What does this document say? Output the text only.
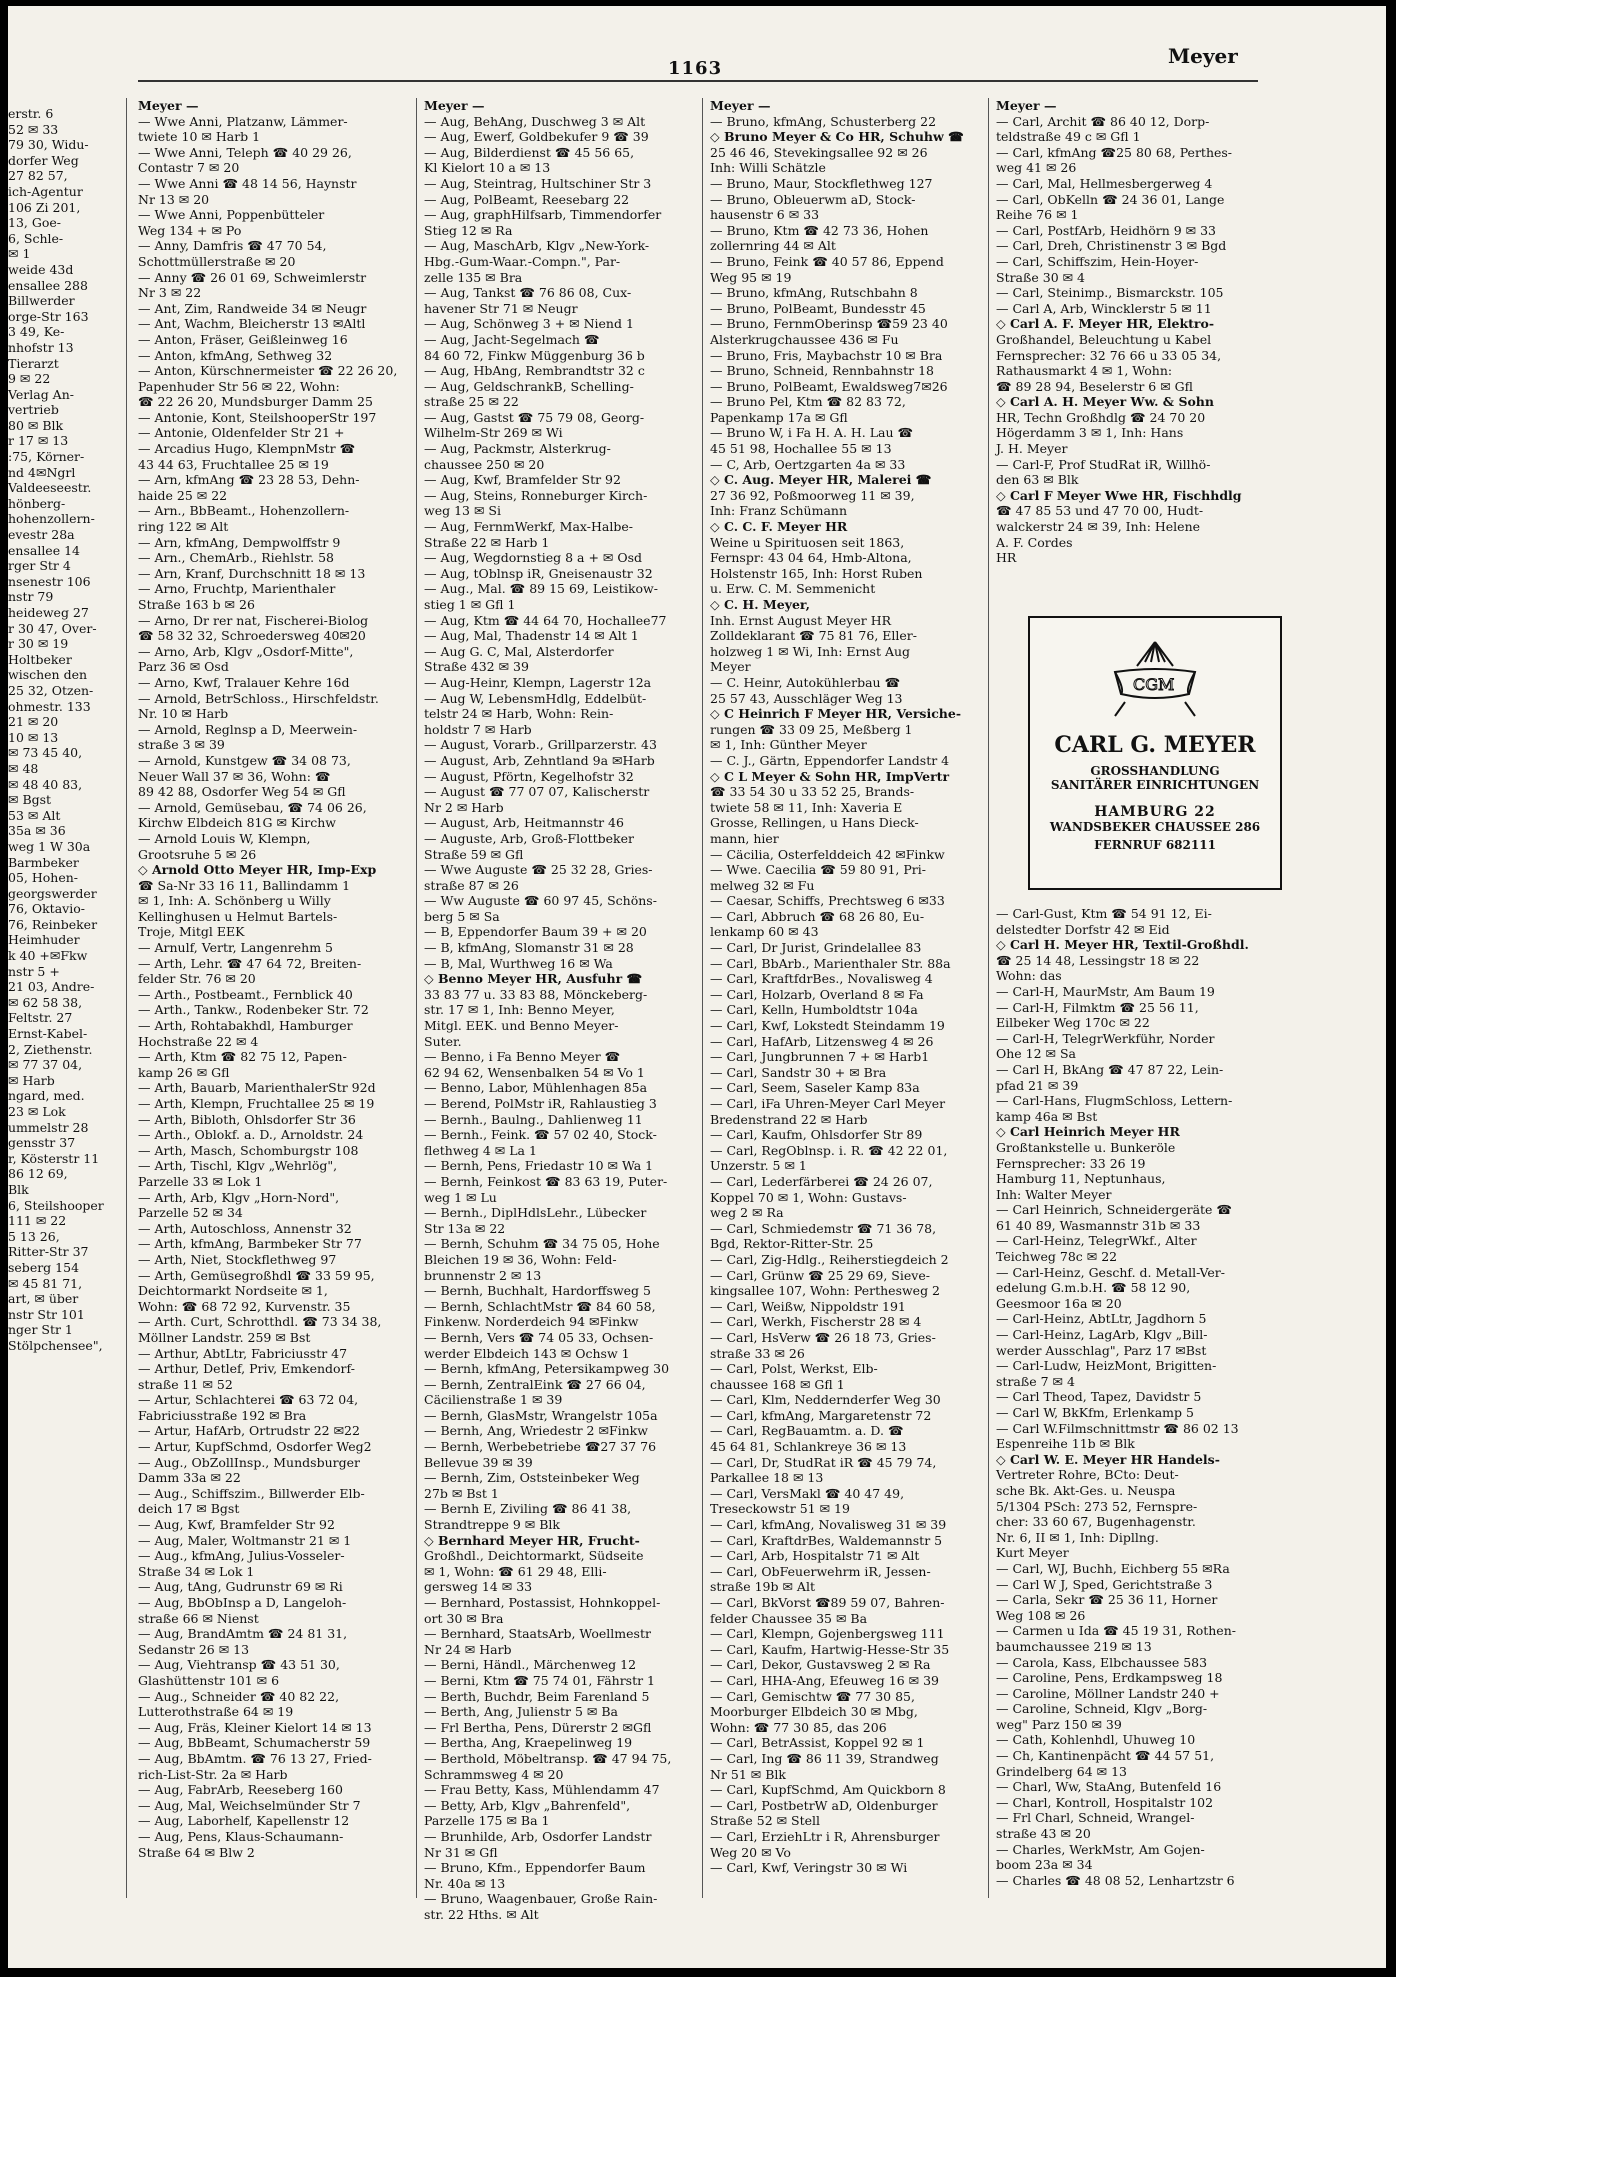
erstr. 6
52 ✉ 33
79 30, Widu-
dorfer Weg
27 82 57,
ich-Agentur
106 Zi 201,
13, Goe-
6, Schle-
✉ 1
weide 43d
ensallee 288
Billwerder
orge-Str 163
3 49, Ke-
nhofstr 13
Tierarzt
9 ✉ 22
Verlag An-
vertrieb
80 ✉ Blk
r 17 ✉ 13
:75, Körner-
nd 4✉Ngrl
Valdeeseestr.
hönberg-
hohenzollern-
evestr 28a
ensallee 14
rger Str 4
nsenestr 106
nstr 79
heideweg 27
r 30 47, Over-
r 30 ✉ 19
Holtbeker
wischen den
25 32, Otzen-
ohmestr. 133
21 ✉ 20
10 ✉ 13
✉ 73 45 40,
✉ 48
✉ 48 40 83,
✉ Bgst
53 ✉ Alt
35a ✉ 36
weg 1 W 30a
Barmbeker
05, Hohen-
georgswerder
76, Oktavio-
76, Reinbeker
Heimhuder
k 40 +✉Fkw
nstr 5 +
21 03, Andre-
✉ 62 58 38,
Feltstr. 27
Ernst-Kabel-
2, Ziethenstr.
✉ 77 37 04,
✉ Harb
ngard, med.
23 ✉ Lok
ummelstr 28
gensstr 37
r, Kösterstr 11
86 12 69,
Blk
6, Steilshooper
111 ✉ 22
5 13 26,
Ritter-Str 37
seberg 154
✉ 45 81 71,
art, ✉ über
nstr Str 101
nger Str 1
Stölpchensee",
1163
Meyer
Meyer —
— Wwe Anni, Platzanw, Lämmer-
twiete 10 ✉ Harb 1
— Wwe Anni, Teleph ☎ 40 29 26,
Contastr 7 ✉ 20
— Wwe Anni ☎ 48 14 56, Haynstr
Nr 13 ✉ 20
— Wwe Anni, Poppenbütteler
Weg 134 + ✉ Po
— Anny, Damfris ☎ 47 70 54,
Schottmüllerstraße ✉ 20
— Anny ☎ 26 01 69, Schweimlerstr
Nr 3 ✉ 22
— Ant, Zim, Randweide 34 ✉ Neugr
— Ant, Wachm, Bleicherstr 13 ✉Altl
— Anton, Fräser, Geißleinweg 16
— Anton, kfmAng, Sethweg 32
— Anton, Kürschnermeister ☎ 22 26 20,
Papenhuder Str 56 ✉ 22, Wohn:
☎ 22 26 20, Mundsburger Damm 25
— Antonie, Kont, SteilshooperStr 197
— Antonie, Oldenfelder Str 21 +
— Arcadius Hugo, KlempnMstr ☎
43 44 63, Fruchtallee 25 ✉ 19
— Arn, kfmAng ☎ 23 28 53, Dehn-
haide 25 ✉ 22
— Arn., BbBeamt., Hohenzollern-
ring 122 ✉ Alt
— Arn, kfmAng, Dempwolffstr 9
— Arn., ChemArb., Riehlstr. 58
— Arn, Kranf, Durchschnitt 18 ✉ 13
— Arno, Fruchtp, Marienthaler
Straße 163 b ✉ 26
— Arno, Dr rer nat, Fischerei-Biolog
☎ 58 32 32, Schroedersweg 40✉20
— Arno, Arb, Klgv „Osdorf-Mitte",
Parz 36 ✉ Osd
— Arno, Kwf, Tralauer Kehre 16d
— Arnold, BetrSchloss., Hirschfeldstr.
Nr. 10 ✉ Harb
— Arnold, Reglnsp a D, Meerwein-
straße 3 ✉ 39
— Arnold, Kunstgew ☎ 34 08 73,
Neuer Wall 37 ✉ 36, Wohn: ☎
89 42 88, Osdorfer Weg 54 ✉ Gfl
— Arnold, Gemüsebau, ☎ 74 06 26,
Kirchw Elbdeich 81G ✉ Kirchw
— Arnold Louis W, Klempn,
Grootsruhe 5 ✉ 26
◇ Arnold Otto Meyer HR, Imp-Exp
☎ Sa-Nr 33 16 11, Ballindamm 1
✉ 1, Inh: A. Schönberg u Willy
Kellinghusen u Helmut Bartels-
Troje, Mitgl EEK
— Arnulf, Vertr, Langenrehm 5
— Arth, Lehr. ☎ 47 64 72, Breiten-
felder Str. 76 ✉ 20
— Arth., Postbeamt., Fernblick 40
— Arth., Tankw., Rodenbeker Str. 72
— Arth, Rohtabakhdl, Hamburger
Hochstraße 22 ✉ 4
— Arth, Ktm ☎ 82 75 12, Papen-
kamp 26 ✉ Gfl
— Arth, Bauarb, MarienthalerStr 92d
— Arth, Klempn, Fruchtallee 25 ✉ 19
— Arth, Bibloth, Ohlsdorfer Str 36
— Arth., Oblokf. a. D., Arnoldstr. 24
— Arth, Masch, Schomburgstr 108
— Arth, Tischl, Klgv „Wehrlög",
Parzelle 33 ✉ Lok 1
— Arth, Arb, Klgv „Horn-Nord",
Parzelle 52 ✉ 34
— Arth, Autoschloss, Annenstr 32
— Arth, kfmAng, Barmbeker Str 77
— Arth, Niet, Stockflethweg 97
— Arth, Gemüsegroßhdl ☎ 33 59 95,
Deichtormarkt Nordseite ✉ 1,
Wohn: ☎ 68 72 92, Kurvenstr. 35
— Arth. Curt, Schrotthdl. ☎ 73 34 38,
Möllner Landstr. 259 ✉ Bst
— Arthur, AbtLtr, Fabriciusstr 47
— Arthur, Detlef, Priv, Emkendorf-
straße 11 ✉ 52
— Artur, Schlachterei ☎ 63 72 04,
Fabriciusstraße 192 ✉ Bra
— Artur, HafArb, Ortrudstr 22 ✉22
— Artur, KupfSchmd, Osdorfer Weg2
— Aug., ObZollInsp., Mundsburger
Damm 33a ✉ 22
— Aug., Schiffszim., Billwerder Elb-
deich 17 ✉ Bgst
— Aug, Kwf, Bramfelder Str 92
— Aug, Maler, Woltmanstr 21 ✉ 1
— Aug., kfmAng, Julius-Vosseler-
Straße 34 ✉ Lok 1
— Aug, tAng, Gudrunstr 69 ✉ Ri
— Aug, BbObInsp a D, Langeloh-
straße 66 ✉ Nienst
— Aug, BrandAmtm ☎ 24 81 31,
Sedanstr 26 ✉ 13
— Aug, Viehtransp ☎ 43 51 30,
Glashüttenstr 101 ✉ 6
— Aug., Schneider ☎ 40 82 22,
Lutterothstraße 64 ✉ 19
— Aug, Fräs, Kleiner Kielort 14 ✉ 13
— Aug, BbBeamt, Schumacherstr 59
— Aug, BbAmtm. ☎ 76 13 27, Fried-
rich-List-Str. 2a ✉ Harb
— Aug, FabrArb, Reeseberg 160
— Aug, Mal, Weichselmünder Str 7
— Aug, Laborhelf, Kapellenstr 12
— Aug, Pens, Klaus-Schaumann-
Straße 64 ✉ Blw 2
Meyer —
— Aug, BehAng, Duschweg 3 ✉ Alt
— Aug, Ewerf, Goldbekufer 9 ☎ 39
— Aug, Bilderdienst ☎ 45 56 65,
Kl Kielort 10 a ✉ 13
— Aug, Steintrag, Hultschiner Str 3
— Aug, PolBeamt, Reesebarg 22
— Aug, graphHilfsarb, Timmendorfer
Stieg 12 ✉ Ra
— Aug, MaschArb, Klgv „New-York-
Hbg.-Gum-Waar.-Compn.", Par-
zelle 135 ✉ Bra
— Aug, Tankst ☎ 76 86 08, Cux-
havener Str 71 ✉ Neugr
— Aug, Schönweg 3 + ✉ Niend 1
— Aug, Jacht-Segelmach ☎
84 60 72, Finkw Müggenburg 36 b
— Aug, HbAng, Rembrandtstr 32 c
— Aug, GeldschrankB, Schelling-
straße 25 ✉ 22
— Aug, Gastst ☎ 75 79 08, Georg-
Wilhelm-Str 269 ✉ Wi
— Aug, Packmstr, Alsterkrug-
chaussee 250 ✉ 20
— Aug, Kwf, Bramfelder Str 92
— Aug, Steins, Ronneburger Kirch-
weg 13 ✉ Si
— Aug, FernmWerkf, Max-Halbe-
Straße 22 ✉ Harb 1
— Aug, Wegdornstieg 8 a + ✉ Osd
— Aug, tOblnsp iR, Gneisenaustr 32
— Aug., Mal. ☎ 89 15 69, Leistikow-
stieg 1 ✉ Gfl 1
— Aug, Ktm ☎ 44 64 70, Hochallee77
— Aug, Mal, Thadenstr 14 ✉ Alt 1
— Aug G. C, Mal, Alsterdorfer
Straße 432 ✉ 39
— Aug-Heinr, Klempn, Lagerstr 12a
— Aug W, LebensmHdlg, Eddelbüt-
telstr 24 ✉ Harb, Wohn: Rein-
holdstr 7 ✉ Harb
— August, Vorarb., Grillparzerstr. 43
— August, Arb, Zehntland 9a ✉Harb
— August, Pförtn, Kegelhofstr 32
— August ☎ 77 07 07, Kalischerstr
Nr 2 ✉ Harb
— August, Arb, Heitmannstr 46
— Auguste, Arb, Groß-Flottbeker
Straße 59 ✉ Gfl
— Wwe Auguste ☎ 25 32 28, Gries-
straße 87 ✉ 26
— Ww Auguste ☎ 60 97 45, Schöns-
berg 5 ✉ Sa
— B, Eppendorfer Baum 39 + ✉ 20
— B, kfmAng, Slomanstr 31 ✉ 28
— B, Mal, Wurthweg 16 ✉ Wa
◇ Benno Meyer HR, Ausfuhr ☎
33 83 77 u. 33 83 88, Mönckeberg-
str. 17 ✉ 1, Inh: Benno Meyer,
Mitgl. EEK. und Benno Meyer-
Suter.
— Benno, i Fa Benno Meyer ☎
62 94 62, Wensenbalken 54 ✉ Vo 1
— Benno, Labor, Mühlenhagen 85a
— Berend, PolMstr iR, Rahlaustieg 3
— Bernh., Baulng., Dahlienweg 11
— Bernh., Feink. ☎ 57 02 40, Stock-
flethweg 4 ✉ La 1
— Bernh, Pens, Friedastr 10 ✉ Wa 1
— Bernh, Feinkost ☎ 83 63 19, Puter-
weg 1 ✉ Lu
— Bernh., DiplHdlsLehr., Lübecker
Str 13a ✉ 22
— Bernh, Schuhm ☎ 34 75 05, Hohe
Bleichen 19 ✉ 36, Wohn: Feld-
brunnenstr 2 ✉ 13
— Bernh, Buchhalt, Hardorffsweg 5
— Bernh, SchlachtMstr ☎ 84 60 58,
Finkenw. Norderdeich 94 ✉Finkw
— Bernh, Vers ☎ 74 05 33, Ochsen-
werder Elbdeich 143 ✉ Ochsw 1
— Bernh, kfmAng, Petersikampweg 30
— Bernh, ZentralEink ☎ 27 66 04,
Cäcilienstraße 1 ✉ 39
— Bernh, GlasMstr, Wrangelstr 105a
— Bernh, Ang, Wriedestr 2 ✉Finkw
— Bernh, Werbebetriebe ☎27 37 76
Bellevue 39 ✉ 39
— Bernh, Zim, Oststeinbeker Weg
27b ✉ Bst 1
— Bernh E, Ziviling ☎ 86 41 38,
Strandtreppe 9 ✉ Blk
◇ Bernhard Meyer HR, Frucht-
Großhdl., Deichtormarkt, Südseite
✉ 1, Wohn: ☎ 61 29 48, Elli-
gersweg 14 ✉ 33
— Bernhard, Postassist, Hohnkoppel-
ort 30 ✉ Bra
— Bernhard, StaatsArb, Woellmestr
Nr 24 ✉ Harb
— Berni, Händl., Märchenweg 12
— Berni, Ktm ☎ 75 74 01, Fährstr 1
— Berth, Buchdr, Beim Farenland 5
— Berth, Ang, Julienstr 5 ✉ Ba
— Frl Bertha, Pens, Dürerstr 2 ✉Gfl
— Bertha, Ang, Kraepelinweg 19
— Berthold, Möbeltransp. ☎ 47 94 75,
Schrammsweg 4 ✉ 20
— Frau Betty, Kass, Mühlendamm 47
— Betty, Arb, Klgv „Bahrenfeld",
Parzelle 175 ✉ Ba 1
— Brunhilde, Arb, Osdorfer Landstr
Nr 31 ✉ Gfl
— Bruno, Kfm., Eppendorfer Baum
Nr. 40a ✉ 13
— Bruno, Waagenbauer, Große Rain-
str. 22 Hths. ✉ Alt
Meyer —
— Bruno, kfmAng, Schusterberg 22
◇ Bruno Meyer & Co HR, Schuhw ☎
25 46 46, Stevekingsallee 92 ✉ 26
Inh: Willi Schätzle
— Bruno, Maur, Stockflethweg 127
— Bruno, Obleuerwm aD, Stock-
hausenstr 6 ✉ 33
— Bruno, Ktm ☎ 42 73 36, Hohen
zollernring 44 ✉ Alt
— Bruno, Feink ☎ 40 57 86, Eppend
Weg 95 ✉ 19
— Bruno, kfmAng, Rutschbahn 8
— Bruno, PolBeamt, Bundesstr 45
— Bruno, FernmOberinsp ☎59 23 40
Alsterkrugchaussee 436 ✉ Fu
— Bruno, Fris, Maybachstr 10 ✉ Bra
— Bruno, Schneid, Rennbahnstr 18
— Bruno, PolBeamt, Ewaldsweg7✉26
— Bruno Pel, Ktm ☎ 82 83 72,
Papenkamp 17a ✉ Gfl
— Bruno W, i Fa H. A. H. Lau ☎
45 51 98, Hochallee 55 ✉ 13
— C, Arb, Oertzgarten 4a ✉ 33
◇ C. Aug. Meyer HR, Malerei ☎
27 36 92, Poßmoorweg 11 ✉ 39,
Inh: Franz Schümann
◇ C. C. F. Meyer HR
Weine u Spirituosen seit 1863,
Fernspr: 43 04 64, Hmb-Altona,
Holstenstr 165, Inh: Horst Ruben
u. Erw. C. M. Semmenicht
◇ C. H. Meyer,
Inh. Ernst August Meyer HR
Zolldeklarant ☎ 75 81 76, Eller-
holzweg 1 ✉ Wi, Inh: Ernst Aug
Meyer
— C. Heinr, Autokühlerbau ☎
25 57 43, Ausschläger Weg 13
◇ C Heinrich F Meyer HR, Versiche-
rungen ☎ 33 09 25, Meßberg 1
✉ 1, Inh: Günther Meyer
— C. J., Gärtn, Eppendorfer Landstr 4
◇ C L Meyer & Sohn HR, ImpVertr
☎ 33 54 30 u 33 52 25, Brands-
twiete 58 ✉ 11, Inh: Xaveria E
Grosse, Rellingen, u Hans Dieck-
mann, hier
— Cäcilia, Osterfelddeich 42 ✉Finkw
— Wwe. Caecilia ☎ 59 80 91, Pri-
melweg 32 ✉ Fu
— Caesar, Schiffs, Prechtsweg 6 ✉33
— Carl, Abbruch ☎ 68 26 80, Eu-
lenkamp 60 ✉ 43
— Carl, Dr Jurist, Grindelallee 83
— Carl, BbArb., Marienthaler Str. 88a
— Carl, KraftfdrBes., Novalisweg 4
— Carl, Holzarb, Overland 8 ✉ Fa
— Carl, Kelln, Humboldtstr 104a
— Carl, Kwf, Lokstedt Steindamm 19
— Carl, HafArb, Litzensweg 4 ✉ 26
— Carl, Jungbrunnen 7 + ✉ Harb1
— Carl, Sandstr 30 + ✉ Bra
— Carl, Seem, Saseler Kamp 83a
— Carl, iFa Uhren-Meyer Carl Meyer
Bredenstrand 22 ✉ Harb
— Carl, Kaufm, Ohlsdorfer Str 89
— Carl, RegOblnsp. i. R. ☎ 42 22 01,
Unzerstr. 5 ✉ 1
— Carl, Lederfärberei ☎ 24 26 07,
Koppel 70 ✉ 1, Wohn: Gustavs-
weg 2 ✉ Ra
— Carl, Schmiedemstr ☎ 71 36 78,
Bgd, Rektor-Ritter-Str. 25
— Carl, Zig-Hdlg., Reiherstiegdeich 2
— Carl, Grünw ☎ 25 29 69, Sieve-
kingsallee 107, Wohn: Perthesweg 2
— Carl, Weißw, Nippoldstr 191
— Carl, Werkh, Fischerstr 28 ✉ 4
— Carl, HsVerw ☎ 26 18 73, Gries-
straße 33 ✉ 26
— Carl, Polst, Werkst, Elb-
chaussee 168 ✉ Gfl 1
— Carl, Klm, Neddernderfer Weg 30
— Carl, kfmAng, Margaretenstr 72
— Carl, RegBauamtm. a. D. ☎
45 64 81, Schlankreye 36 ✉ 13
— Carl, Dr, StudRat iR ☎ 45 79 74,
Parkallee 18 ✉ 13
— Carl, VersMakl ☎ 40 47 49,
Treseckowstr 51 ✉ 19
— Carl, kfmAng, Novalisweg 31 ✉ 39
— Carl, KraftdrBes, Waldemannstr 5
— Carl, Arb, Hospitalstr 71 ✉ Alt
— Carl, ObFeuerwehrm iR, Jessen-
straße 19b ✉ Alt
— Carl, BkVorst ☎89 59 07, Bahren-
felder Chaussee 35 ✉ Ba
— Carl, Klempn, Gojenbergsweg 111
— Carl, Kaufm, Hartwig-Hesse-Str 35
— Carl, Dekor, Gustavsweg 2 ✉ Ra
— Carl, HHA-Ang, Efeuweg 16 ✉ 39
— Carl, Gemischtw ☎ 77 30 85,
Moorburger Elbdeich 30 ✉ Mbg,
Wohn: ☎ 77 30 85, das 206
— Carl, BetrAssist, Koppel 92 ✉ 1
— Carl, Ing ☎ 86 11 39, Strandweg
Nr 51 ✉ Blk
— Carl, KupfSchmd, Am Quickborn 8
— Carl, PostbetrW aD, Oldenburger
Straße 52 ✉ Stell
— Carl, ErziehLtr i R, Ahrensburger
Weg 20 ✉ Vo
— Carl, Kwf, Veringstr 30 ✉ Wi
Meyer —
— Carl, Archit ☎ 86 40 12, Dorp-
teldstraße 49 c ✉ Gfl 1
— Carl, kfmAng ☎25 80 68, Perthes-
weg 41 ✉ 26
— Carl, Mal, Hellmesbergerweg 4
— Carl, ObKelln ☎ 24 36 01, Lange
Reihe 76 ✉ 1
— Carl, PostfArb, Heidhörn 9 ✉ 33
— Carl, Dreh, Christinenstr 3 ✉ Bgd
— Carl, Schiffszim, Hein-Hoyer-
Straße 30 ✉ 4
— Carl, Steinimp., Bismarckstr. 105
— Carl A, Arb, Wincklerstr 5 ✉ 11
◇ Carl A. F. Meyer HR, Elektro-
Großhandel, Beleuchtung u Kabel
Fernsprecher: 32 76 66 u 33 05 34,
Rathausmarkt 4 ✉ 1, Wohn:
☎ 89 28 94, Beselerstr 6 ✉ Gfl
◇ Carl A. H. Meyer Ww. & Sohn
HR, Techn Großhdlg ☎ 24 70 20
Högerdamm 3 ✉ 1, Inh: Hans
J. H. Meyer
— Carl-F, Prof StudRat iR, Willhö-
den 63 ✉ Blk
◇ Carl F Meyer Wwe HR, Fischhdlg
☎ 47 85 53 und 47 70 00, Hudt-
walckerstr 24 ✉ 39, Inh: Helene
A. F. Cordes
HR
CGM
CARL G. MEYER
GROSSHANDLUNG
SANITÄRER EINRICHTUNGEN
HAMBURG 22
WANDSBEKER CHAUSSEE 286
FERNRUF 682111
— Carl-Gust, Ktm ☎ 54 91 12, Ei-
delstedter Dorfstr 42 ✉ Eid
◇ Carl H. Meyer HR, Textil-Großhdl.
☎ 25 14 48, Lessingstr 18 ✉ 22
Wohn: das
— Carl-H, MaurMstr, Am Baum 19
— Carl-H, Filmktm ☎ 25 56 11,
Eilbeker Weg 170c ✉ 22
— Carl-H, TelegrWerkführ, Norder
Ohe 12 ✉ Sa
— Carl H, BkAng ☎ 47 87 22, Lein-
pfad 21 ✉ 39
— Carl-Hans, FlugmSchloss, Lettern-
kamp 46a ✉ Bst
◇ Carl Heinrich Meyer HR
Großtankstelle u. Bunkeröle
Fernsprecher: 33 26 19
Hamburg 11, Neptunhaus,
Inh: Walter Meyer
— Carl Heinrich, Schneidergeräte ☎
61 40 89, Wasmannstr 31b ✉ 33
— Carl-Heinz, TelegrWkf., Alter
Teichweg 78c ✉ 22
— Carl-Heinz, Geschf. d. Metall-Ver-
edelung G.m.b.H. ☎ 58 12 90,
Geesmoor 16a ✉ 20
— Carl-Heinz, AbtLtr, Jagdhorn 5
— Carl-Heinz, LagArb, Klgv „Bill-
werder Ausschlag", Parz 17 ✉Bst
— Carl-Ludw, HeizMont, Brigitten-
straße 7 ✉ 4
— Carl Theod, Tapez, Davidstr 5
— Carl W, BkKfm, Erlenkamp 5
— Carl W.Filmschnittmstr ☎ 86 02 13
Espenreihe 11b ✉ Blk
◇ Carl W. E. Meyer HR Handels-
Vertreter Rohre, BCto: Deut-
sche Bk. Akt-Ges. u. Neuspa
5/1304 PSch: 273 52, Fernspre-
cher: 33 60 67, Bugenhagenstr.
Nr. 6, II ✉ 1, Inh: Dipllng.
Kurt Meyer
— Carl, WJ, Buchh, Eichberg 55 ✉Ra
— Carl W J, Sped, Gerichtstraße 3
— Carla, Sekr ☎ 25 36 11, Horner
Weg 108 ✉ 26
— Carmen u Ida ☎ 45 19 31, Rothen-
baumchaussee 219 ✉ 13
— Carola, Kass, Elbchaussee 583
— Caroline, Pens, Erdkampsweg 18
— Caroline, Möllner Landstr 240 +
— Caroline, Schneid, Klgv „Borg-
weg" Parz 150 ✉ 39
— Cath, Kohlenhdl, Uhuweg 10
— Ch, Kantinenpächt ☎ 44 57 51,
Grindelberg 64 ✉ 13
— Charl, Ww, StaAng, Butenfeld 16
— Charl, Kontroll, Hospitalstr 102
— Frl Charl, Schneid, Wrangel-
straße 43 ✉ 20
— Charles, WerkMstr, Am Gojen-
boom 23a ✉ 34
— Charles ☎ 48 08 52, Lenhartzstr 6
